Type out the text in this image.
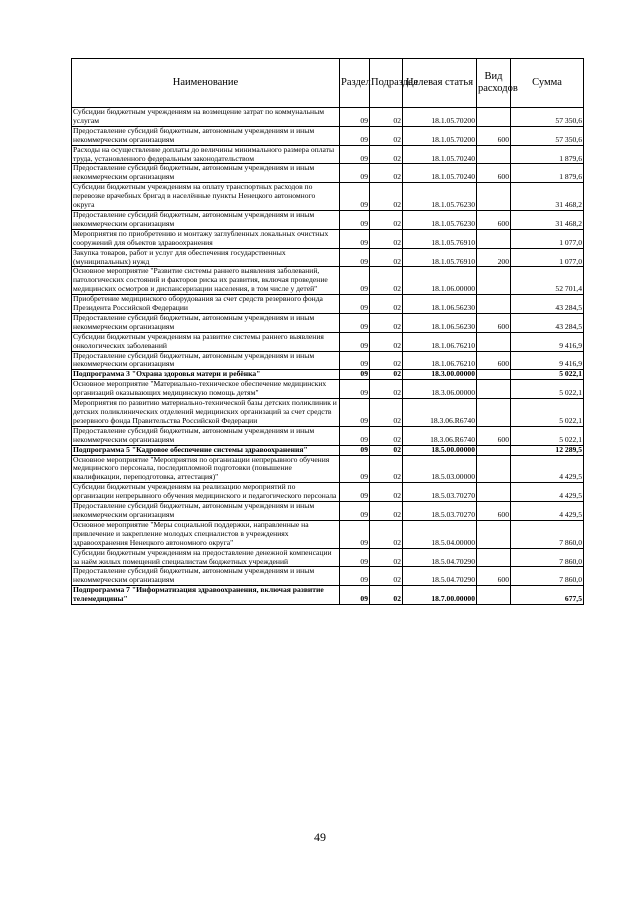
Наименование	Раздел	Подраздел	Целевая статья	Вид расходов	Сумма
Субсидии бюджетным учреждениям на возмещение затрат по коммунальным услугам	09	02	18.1.05.70200		57 350,6
Предоставление субсидий бюджетным, автономным учреждениям и иным некоммерческим организациям	09	02	18.1.05.70200	600	57 350,6
Расходы на осуществление доплаты до величины минимального размера оплаты труда, установленного федеральным законодательством	09	02	18.1.05.70240		1 879,6
Предоставление субсидий бюджетным, автономным учреждениям и иным некоммерческим организациям	09	02	18.1.05.70240	600	1 879,6
Субсидии бюджетным учреждениям на оплату транспортных расходов по перевозке врачебных бригад в населённые пункты Ненецкого автономного округа	09	02	18.1.05.76230		31 468,2
Предоставление субсидий бюджетным, автономным учреждениям и иным некоммерческим организациям	09	02	18.1.05.76230	600	31 468,2
Мероприятия по приобретению и монтажу заглубленных локальных очистных сооружений для объектов здравоохранения	09	02	18.1.05.76910		1 077,0
Закупка товаров, работ и услуг для обеспечения государственных (муниципальных) нужд	09	02	18.1.05.76910	200	1 077,0
Основное мероприятие "Развитие системы раннего выявления заболеваний, патологических состояний и факторов риска их развития, включая проведение медицинских осмотров и диспансеризации населения, в том числе у детей"	09	02	18.1.06.00000		52 701,4
Приобретение медицинского оборудования за счет средств резервного фонда Президента Российской Федерации	09	02	18.1.06.56230		43 284,5
Предоставление субсидий бюджетным, автономным учреждениям и иным некоммерческим организациям	09	02	18.1.06.56230	600	43 284,5
Субсидии бюджетным учреждениям на развитие системы раннего выявления онкологических заболеваний	09	02	18.1.06.76210		9 416,9
Предоставление субсидий бюджетным, автономным учреждениям и иным некоммерческим организациям	09	02	18.1.06.76210	600	9 416,9
Подпрограмма 3 "Охрана здоровья матери и ребёнка"	09	02	18.3.00.00000		5 022,1
Основное мероприятие "Материально-техническое обеспечение медицинских организаций оказывающих медицинскую помощь детям"	09	02	18.3.06.00000		5 022,1
Мероприятия по развитию материально-технической базы детских поликлиник и детских поликлинических отделений медицинских организаций за счет средств резервного фонда Правительства Российской Федерации	09	02	18.3.06.R6740		5 022,1
Предоставление субсидий бюджетным, автономным учреждениям и иным некоммерческим организациям	09	02	18.3.06.R6740	600	5 022,1
Подпрограмма 5 "Кадровое обеспечение системы здравоохранения"	09	02	18.5.00.00000		12 289,5
Основное мероприятие "Мероприятия по организации непрерывного обучения медицинского персонала, последипломной подготовки (повышение квалификации, переподготовка, аттестация)"	09	02	18.5.03.00000		4 429,5
Субсидии бюджетным учреждениям на реализацию мероприятий по организации непрерывного обучения медицинского и педагогического персонала	09	02	18.5.03.70270		4 429,5
Предоставление субсидий бюджетным, автономным учреждениям и иным некоммерческим организациям	09	02	18.5.03.70270	600	4 429,5
Основное мероприятие "Меры социальной поддержки, направленные на привлечение и закрепление молодых специалистов в учреждениях здравоохранения Ненецкого автономного округа"	09	02	18.5.04.00000		7 860,0
Субсидии бюджетным учреждениям на предоставление денежной компенсации за наём жилых помещений специалистам бюджетных учреждений	09	02	18.5.04.70290		7 860,0
Предоставление субсидий бюджетным, автономным учреждениям и иным некоммерческим организациям	09	02	18.5.04.70290	600	7 860,0
Подпрограмма 7 "Информатизация здравоохранения, включая развитие телемедицины"	09	02	18.7.00.00000		677,5
49
